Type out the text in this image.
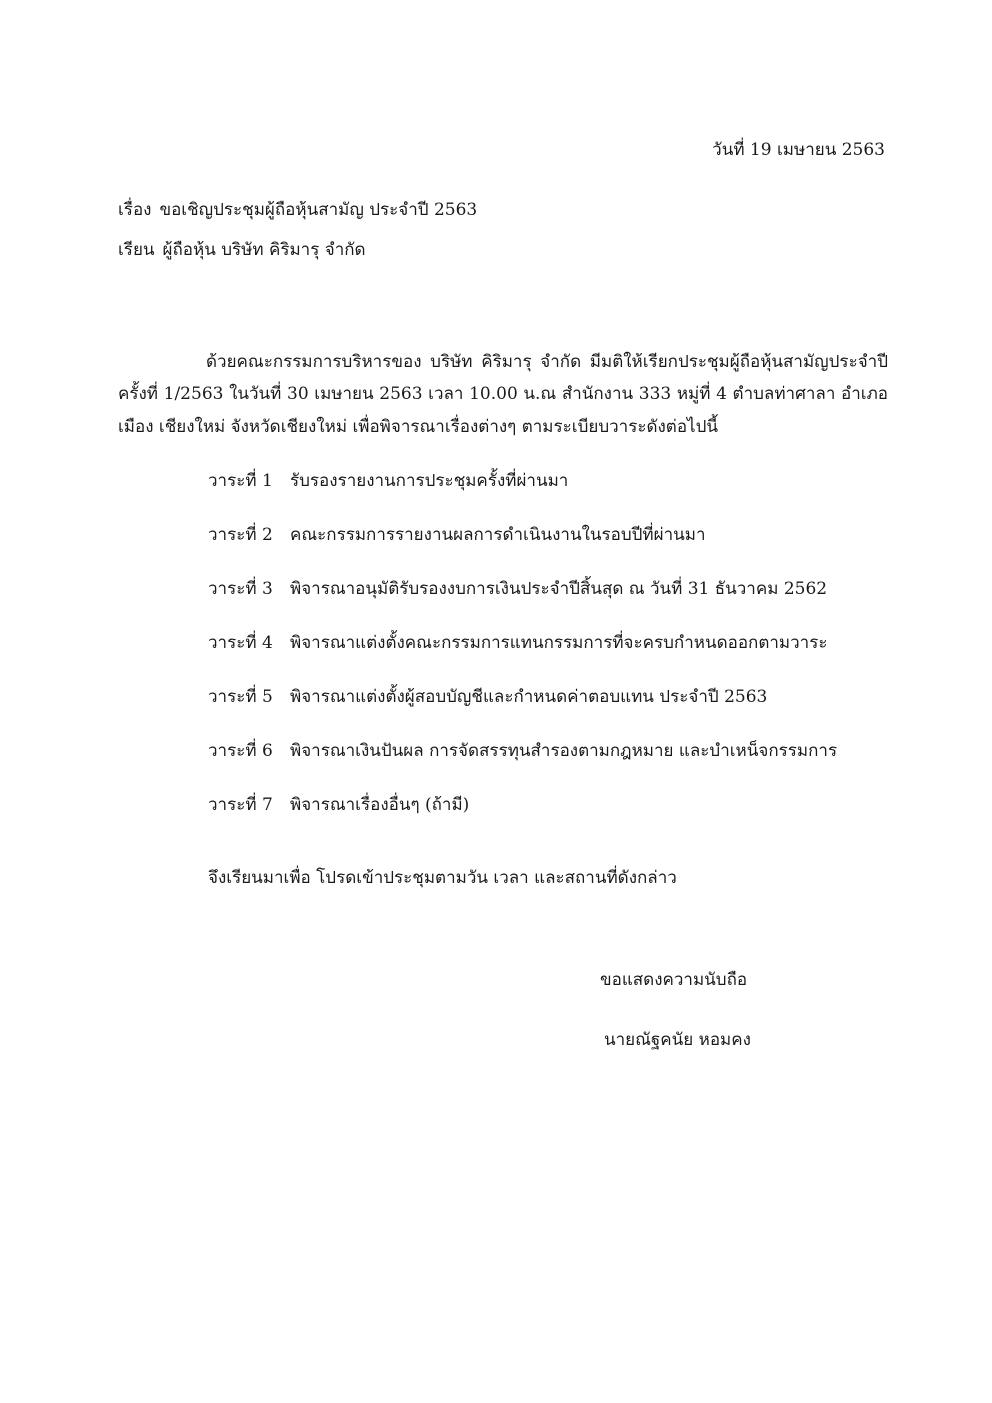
วันที่ 19 เมษายน 2563
เรื่อง ขอเชิญประชุมผู้ถือหุ้นสามัญ ประจำปี 2563
เรียน ผู้ถือหุ้น บริษัท คิริมารุ จำกัด

ด้วยคณะกรรมการบริหารของ บริษัท คิริมารุ จำกัด มีมติให้เรียกประชุมผู้ถือหุ้นสามัญประจำปี ครั้งที่ 1/2563 ในวันที่ 30 เมษายน 2563 เวลา 10.00 น.ณ สำนักงาน 333 หมู่ที่ 4 ตำบลท่าศาลา อำเภอเมือง เชียงใหม่ จังหวัดเชียงใหม่ เพื่อพิจารณาเรื่องต่างๆ ตามระเบียบวาระดังต่อไปนี้

วาระที่ 1 รับรองรายงานการประชุมครั้งที่ผ่านมา
วาระที่ 2 คณะกรรมการรายงานผลการดำเนินงานในรอบปีที่ผ่านมา
วาระที่ 3 พิจารณาอนุมัติรับรองงบการเงินประจำปีสิ้นสุด ณ วันที่ 31 ธันวาคม 2562
วาระที่ 4 พิจารณาแต่งตั้งคณะกรรมการแทนกรรมการที่จะครบกำหนดออกตามวาระ
วาระที่ 5 พิจารณาแต่งตั้งผู้สอบบัญชีและกำหนดค่าตอบแทน ประจำปี 2563
วาระที่ 6 พิจารณาเงินปันผล การจัดสรรทุนสำรองตามกฎหมาย และบำเหน็จกรรมการ
วาระที่ 7 พิจารณาเรื่องอื่นๆ (ถ้ามี)
จึงเรียนมาเพื่อ โปรดเข้าประชุมตามวัน เวลา และสถานที่ดังกล่าว
ขอแสดงความนับถือ
นายณัฐคนัย หอมคง
